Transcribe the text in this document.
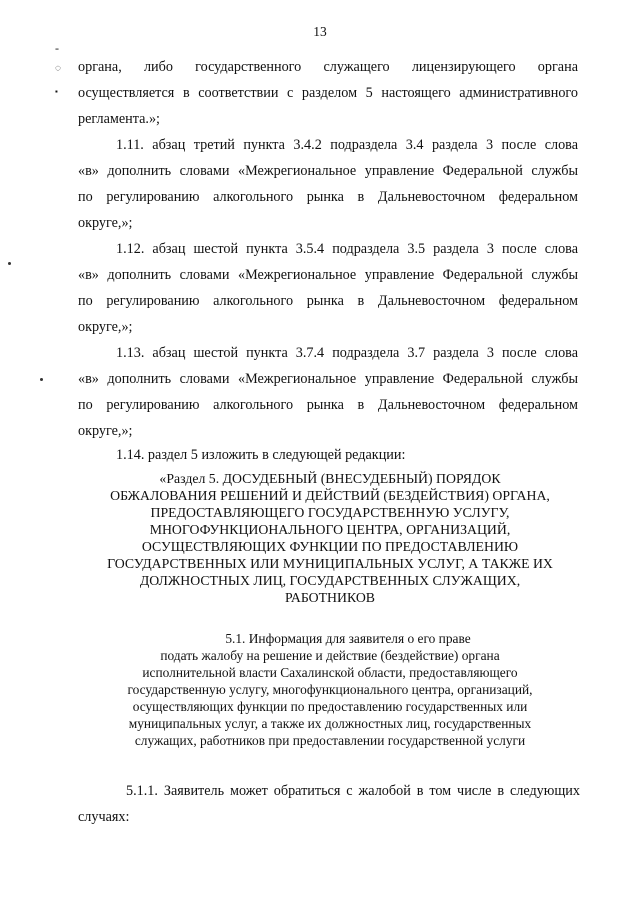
13
-
◌
▪
органа, либо государственного служащего лицензирующего органа
осуществляется в соответствии с разделом 5 настоящего административного
регламента.»;
1.11. абзац третий пункта 3.4.2 подраздела 3.4 раздела 3 после слова
«в» дополнить словами «Межрегиональное управление Федеральной службы
по регулированию алкогольного рынка в Дальневосточном федеральном
округе,»;
1.12. абзац шестой пункта 3.5.4 подраздела 3.5 раздела 3 после слова
«в» дополнить словами «Межрегиональное управление Федеральной службы
по регулированию алкогольного рынка в Дальневосточном федеральном
округе,»;
1.13. абзац шестой пункта 3.7.4 подраздела 3.7 раздела 3 после слова
«в» дополнить словами «Межрегиональное управление Федеральной службы
по регулированию алкогольного рынка в Дальневосточном федеральном
округе,»;
1.14. раздел 5 изложить в следующей редакции:
«Раздел 5. ДОСУДЕБНЫЙ (ВНЕСУДЕБНЫЙ) ПОРЯДОК
ОБЖАЛОВАНИЯ РЕШЕНИЙ И ДЕЙСТВИЙ (БЕЗДЕЙСТВИЯ) ОРГАНА,
ПРЕДОСТАВЛЯЮЩЕГО ГОСУДАРСТВЕННУЮ УСЛУГУ,
МНОГОФУНКЦИОНАЛЬНОГО ЦЕНТРА, ОРГАНИЗАЦИЙ,
ОСУЩЕСТВЛЯЮЩИХ ФУНКЦИИ ПО ПРЕДОСТАВЛЕНИЮ
ГОСУДАРСТВЕННЫХ ИЛИ МУНИЦИПАЛЬНЫХ УСЛУГ, А ТАКЖЕ ИХ
ДОЛЖНОСТНЫХ ЛИЦ, ГОСУДАРСТВЕННЫХ СЛУЖАЩИХ,
РАБОТНИКОВ
5.1. Информация для заявителя о его праве
подать жалобу на решение и действие (бездействие) органа
исполнительной власти Сахалинской области, предоставляющего
государственную услугу, многофункционального центра, организаций,
осуществляющих функции по предоставлению государственных или
муниципальных услуг, а также их должностных лиц, государственных
служащих, работников при предоставлении государственной услуги
5.1.1. Заявитель может обратиться с жалобой в том числе в следующих
случаях:
